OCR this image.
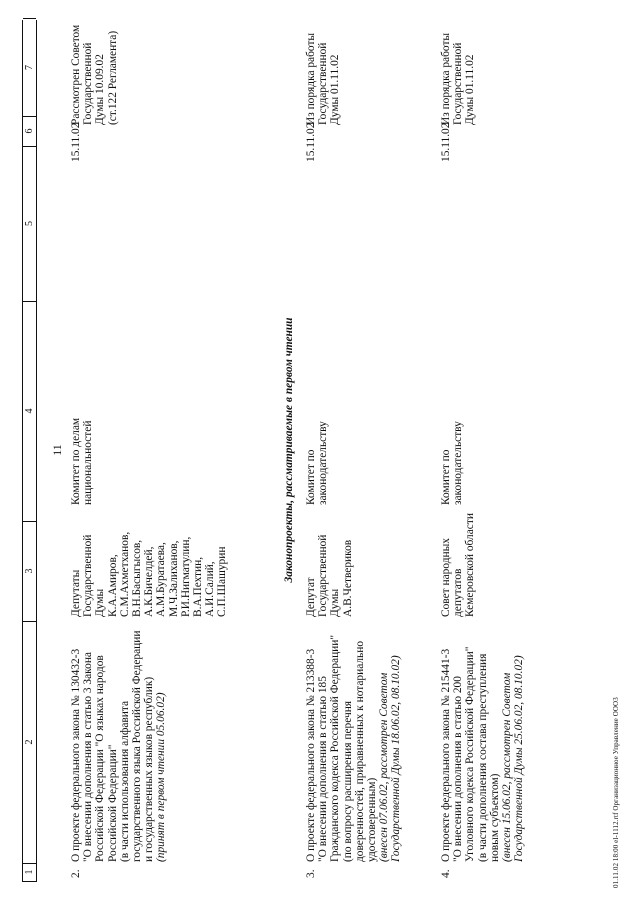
1
2
3
4
5
6
7
11
2.
О проекте федерального закона № 130432-3
"О внесении дополнения в статью 3 Закона
Российской Федерации "О языках народов
Российской Федерации"
(в части использования алфавита
государственного языка Российской Федерации
и государственных языков республик) (принят в первом чтении 05.06.02)
Депутаты
Государственной
Думы
К.А.Амиров,
С.М.Ахметханов,
В.Н.Басыгысов,
А.К.Бичелдей,
А.М.Буратаева,
М.Ч.Залиханов,
Р.И.Нигматулин,
В.А.Пехтин,
А.И.Салий,
С.П.Шашурин
Комитет по делам
национальностей
15.11.02
Рассмотрен Советом
Государственной
Думы 10.09.02
(ст.122 Регламента)
Законопроекты, рассматриваемые в первом чтении
3.
О проекте федерального закона № 213388-3
"О внесении дополнения в статью 185
Гражданского кодекса Российской Федерации"
(по вопросу расширения перечня
доверенностей, приравненных к нотариально
удостоверенным) (внесен 07.06.02, рассмотрен Советом
Государственной Думы 18.06.02, 08.10.02)
Депутат
Государственной
Думы
А.В.Четвериков
Комитет по
законодательству
15.11.02
Из порядка работы
Государственной
Думы 01.11.02
4.
О проекте федерального закона № 215441-3
"О внесении дополнения в статью 200
Уголовного кодекса Российской Федерации"
(в части дополнения состава преступления
новым субъектом)
(внесен 15.06.02, рассмотрен Советом
Государственной Думы 25.06.02, 08.10.02)
Совет народных
депутатов
Кемеровской области
Комитет по
законодательству
15.11.02
Из порядка работы
Государственной
Думы 01.11.02
01.11.02 18:00 el-1112.rtf Организационное Управление ООО3
